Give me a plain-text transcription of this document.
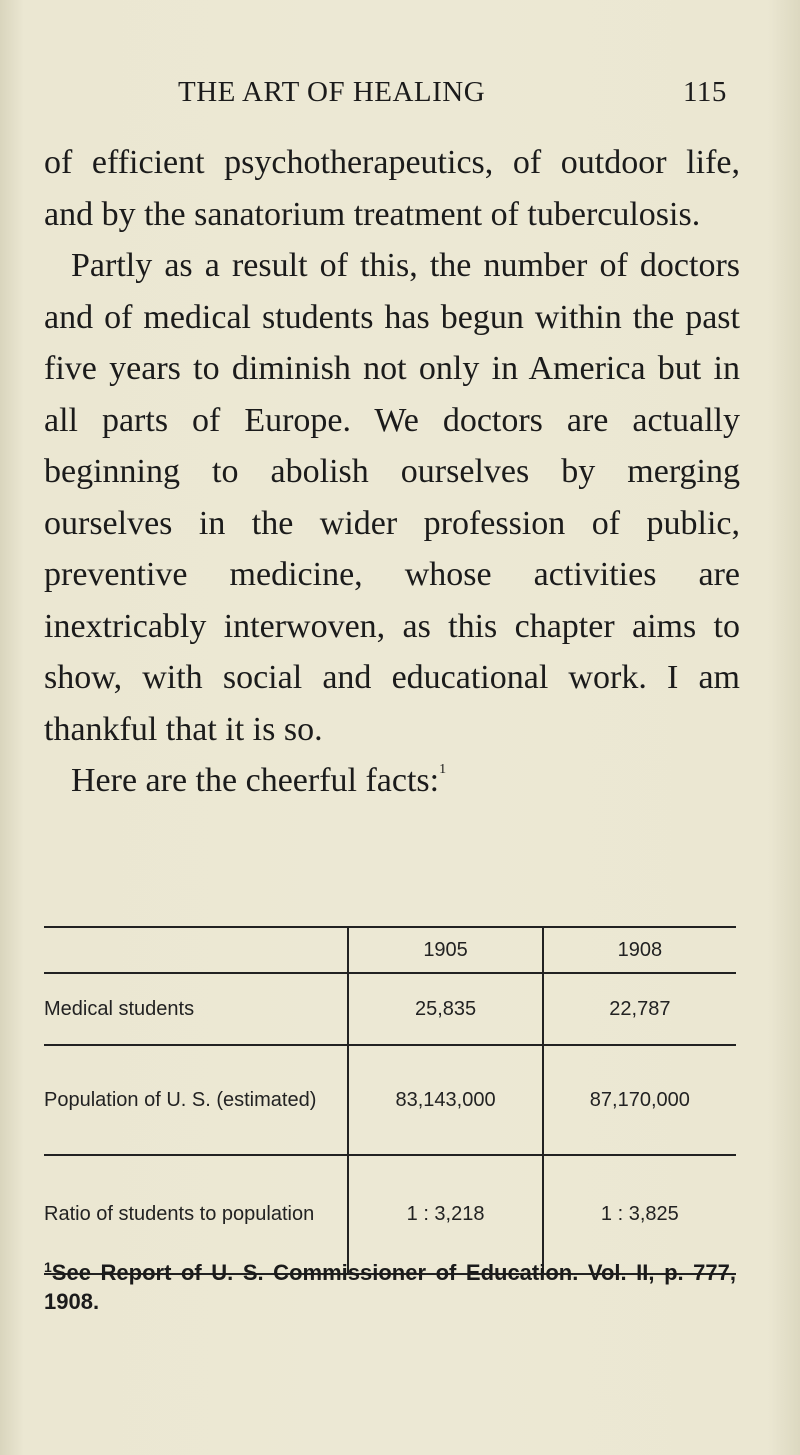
THE ART OF HEALING	115

of efficient psychotherapeutics, of outdoor life, and by the sanatorium treatment of tuberculosis.

Partly as a result of this, the number of doctors and of medical students has begun within the past five years to diminish not only in America but in all parts of Europe. We doctors are actually beginning to abolish ourselves by merging ourselves in the wider profession of public, preventive medicine, whose activities are inextricably interwoven, as this chapter aims to show, with social and educational work. I am thankful that it is so.

Here are the cheerful facts:$^1$

	1905	1908
Medical students	25,835	22,787
Population of U. S. (estimated)	83,143,000	87,170,000
Ratio of students to population	1 : 3,218	1 : 3,825
$^1$See Report of U. S. Commissioner of Education. Vol. II, p. 777, 1908.
